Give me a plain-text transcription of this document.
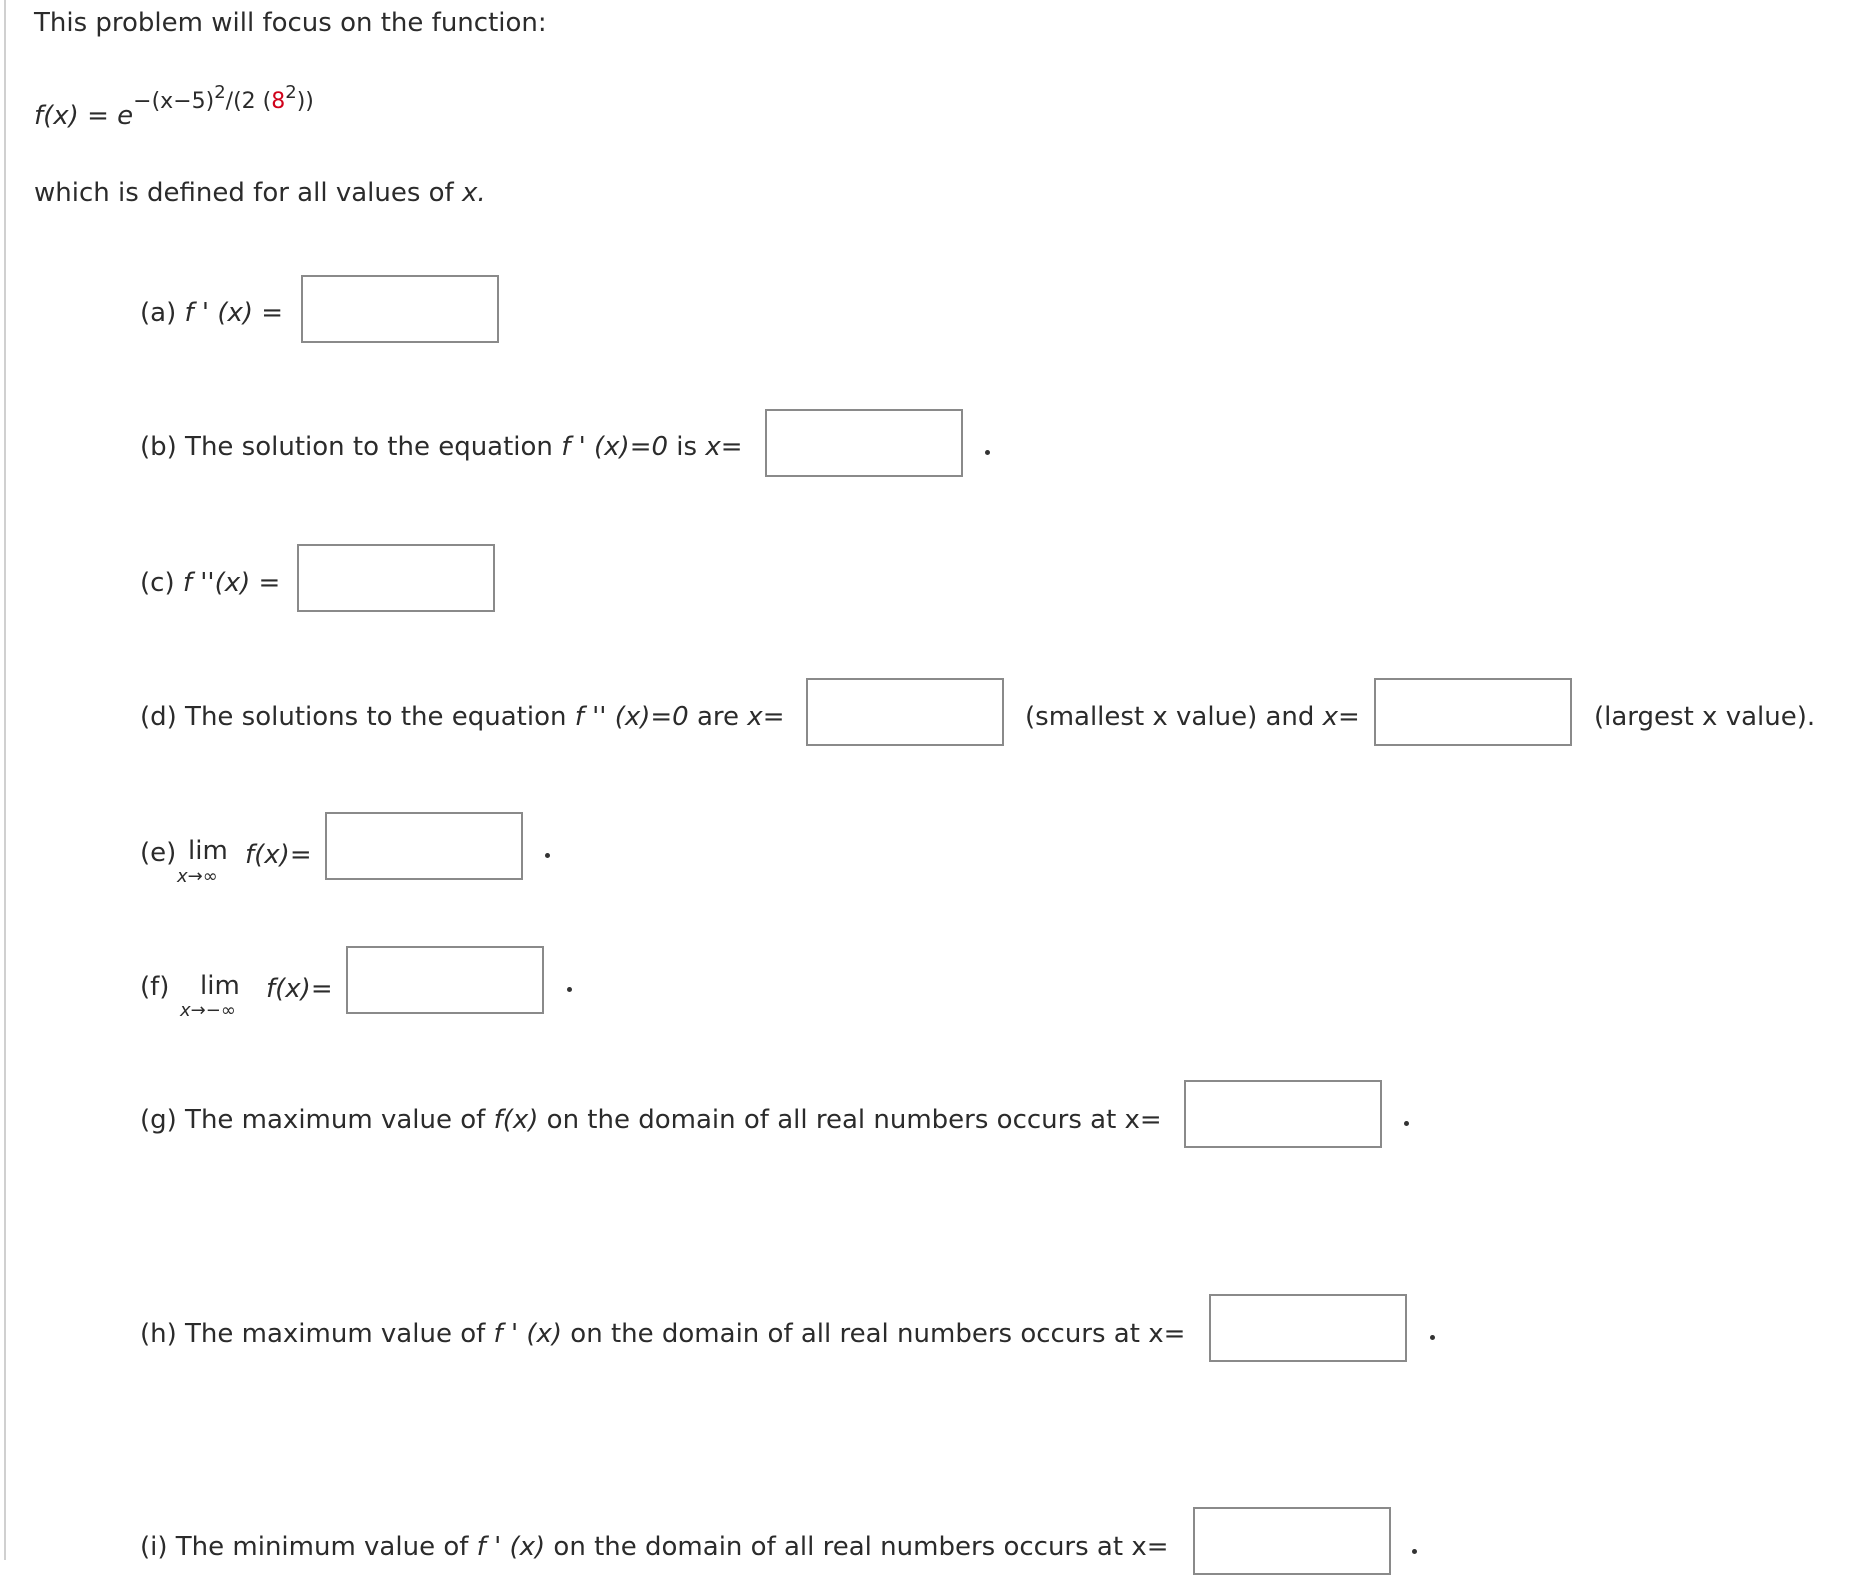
This problem will focus on the function:
$f(x) = e^{-(x-5)^2/(2 (8^2))}$
which is defined for all values of x.
(a) f ' (x) =
(b) The solution to the equation f ' (x)=0 is x=
(c) f ''(x) =
(d) The solutions to the equation f '' (x)=0 are x=	(smallest x value) and x=	(largest x value).
(e) lim
x→∞
f(x)=
(f) lim
x→−∞
f(x)=
(g) The maximum value of f(x) on the domain of all real numbers occurs at x=
(h) The maximum value of f ' (x) on the domain of all real numbers occurs at x=
(i) The minimum value of f ' (x) on the domain of all real numbers occurs at x=
